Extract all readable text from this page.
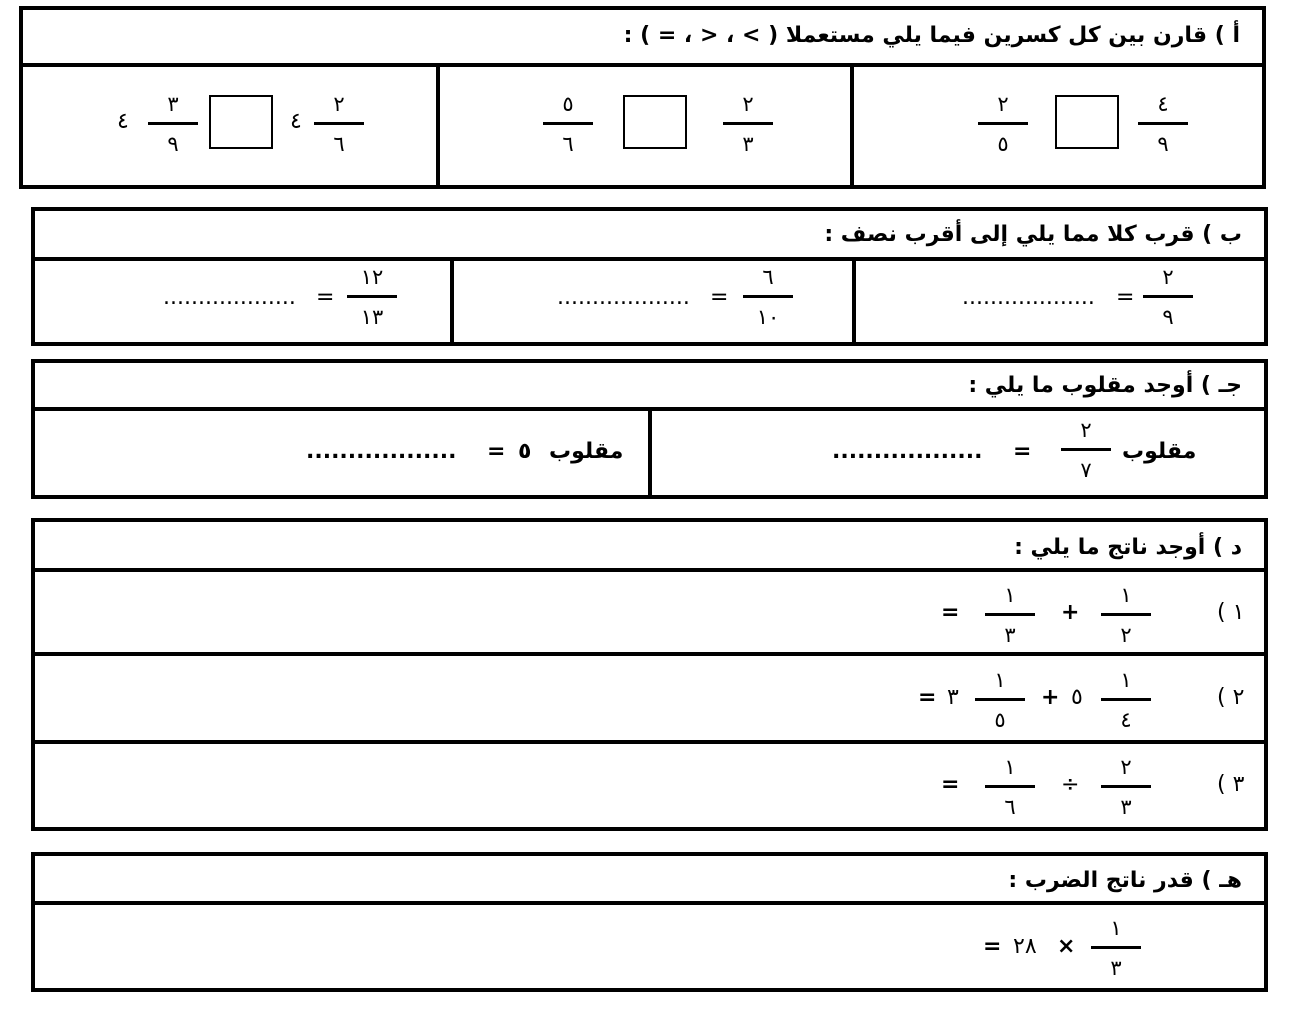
أ ) قارن بين كل كسرين فيما يلي مستعملا ( > ، < ، = ) :
٢
٥
٤
٩
٥
٦
٢
٣
٤
٣
٩
٤
٢
٦
ب ) قرب كلا مما يلي إلى أقرب نصف :
................... =
٢
٩
................... =
٦
١٠
................... =
١٢
١٣
جـ ) أوجد مقلوب ما يلي :
.................. =
٢
٧
مقلوب
.................. = ٥ مقلوب
د ) أوجد ناتج ما يلي :
١ )
١
٢
+
١
٣
=
٢ )
١
٤
٥
+
١
٥
٣
=
٣ )
٢
٣
÷
١
٦
=
هـ ) قدر ناتج الضرب :
١
٣
×
٢٨
=
